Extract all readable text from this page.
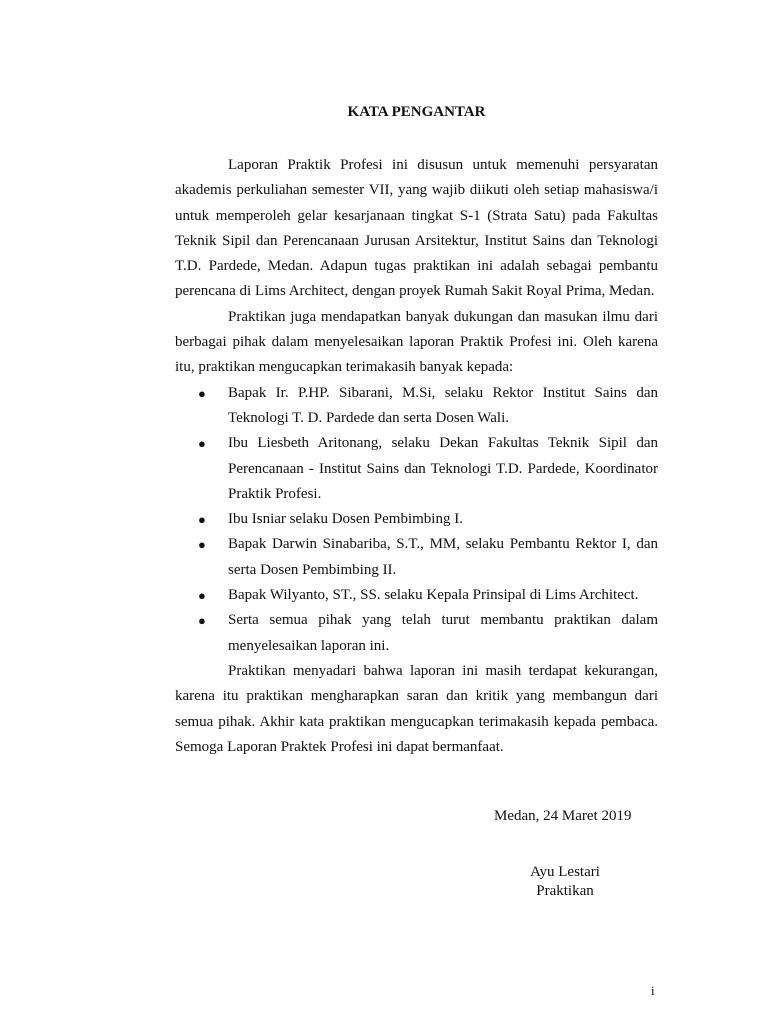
KATA PENGANTAR

Laporan Praktik Profesi ini disusun untuk memenuhi persyaratan akademis perkuliahan semester VII, yang wajib diikuti oleh setiap mahasiswa/i untuk memperoleh gelar kesarjanaan tingkat S-1 (Strata Satu) pada Fakultas Teknik Sipil dan Perencanaan Jurusan Arsitektur, Institut Sains dan Teknologi T.D. Pardede, Medan. Adapun tugas praktikan ini adalah sebagai pembantu perencana di Lims Architect, dengan proyek Rumah Sakit Royal Prima, Medan.

Praktikan juga mendapatkan banyak dukungan dan masukan ilmu dari berbagai pihak dalam menyelesaikan laporan Praktik Profesi ini. Oleh karena itu, praktikan mengucapkan terimakasih banyak kepada:

● Bapak Ir. P.HP. Sibarani, M.Si, selaku Rektor Institut Sains dan Teknologi T. D. Pardede dan serta Dosen Wali.
● Ibu Liesbeth Aritonang, selaku Dekan Fakultas Teknik Sipil dan Perencanaan - Institut Sains dan Teknologi T.D. Pardede, Koordinator Praktik Profesi.
● Ibu Isniar selaku Dosen Pembimbing I.
● Bapak Darwin Sinabariba, S.T., MM, selaku Pembantu Rektor I, dan serta Dosen Pembimbing II.
● Bapak Wilyanto, ST., SS. selaku Kepala Prinsipal di Lims Architect.
● Serta semua pihak yang telah turut membantu praktikan dalam menyelesaikan laporan ini.

Praktikan menyadari bahwa laporan ini masih terdapat kekurangan, karena itu praktikan mengharapkan saran dan kritik yang membangun dari semua pihak. Akhir kata praktikan mengucapkan terimakasih kepada pembaca. Semoga Laporan Praktek Profesi ini dapat bermanfaat.

Medan, 24 Maret 2019
Ayu Lestari
Praktikan
i
